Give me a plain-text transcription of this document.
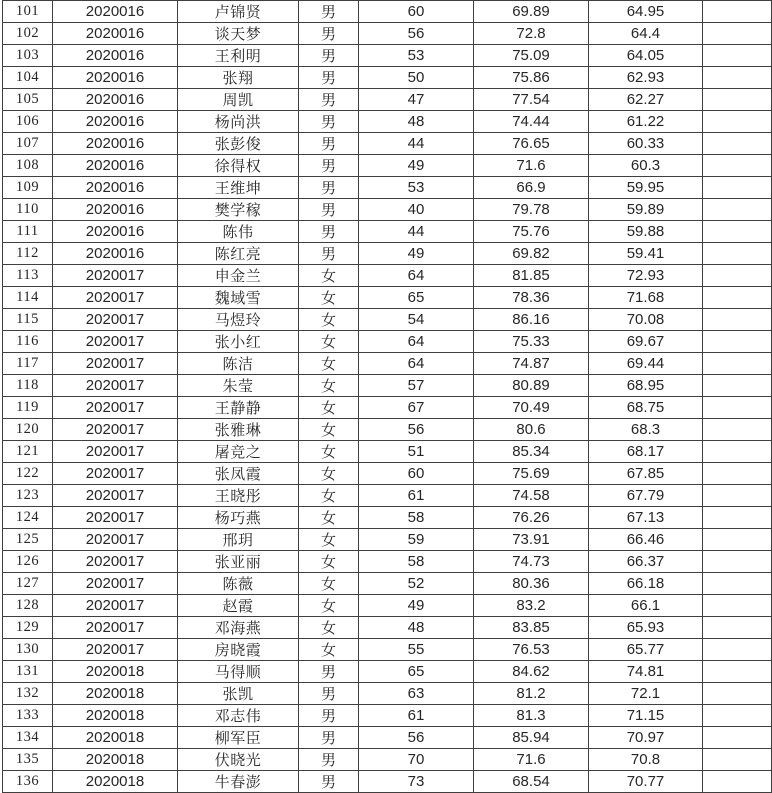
101	2020016	卢锦贤	男	60	69.89	64.95	
102	2020016	谈天梦	男	56	72.8	64.4	
103	2020016	王利明	男	53	75.09	64.05	
104	2020016	张翔	男	50	75.86	62.93	
105	2020016	周凯	男	47	77.54	62.27	
106	2020016	杨尚洪	男	48	74.44	61.22	
107	2020016	张彭俊	男	44	76.65	60.33	
108	2020016	徐得权	男	49	71.6	60.3	
109	2020016	王维坤	男	53	66.9	59.95	
110	2020016	樊学稼	男	40	79.78	59.89	
111	2020016	陈伟	男	44	75.76	59.88	
112	2020016	陈红亮	男	49	69.82	59.41	
113	2020017	申金兰	女	64	81.85	72.93	
114	2020017	魏域雪	女	65	78.36	71.68	
115	2020017	马煜玲	女	54	86.16	70.08	
116	2020017	张小红	女	64	75.33	69.67	
117	2020017	陈洁	女	64	74.87	69.44	
118	2020017	朱莹	女	57	80.89	68.95	
119	2020017	王静静	女	67	70.49	68.75	
120	2020017	张雅琳	女	56	80.6	68.3	
121	2020017	屠竞之	女	51	85.34	68.17	
122	2020017	张凤霞	女	60	75.69	67.85	
123	2020017	王晓彤	女	61	74.58	67.79	
124	2020017	杨巧燕	女	58	76.26	67.13	
125	2020017	邢玥	女	59	73.91	66.46	
126	2020017	张亚丽	女	58	74.73	66.37	
127	2020017	陈薇	女	52	80.36	66.18	
128	2020017	赵霞	女	49	83.2	66.1	
129	2020017	邓海燕	女	48	83.85	65.93	
130	2020017	房晓霞	女	55	76.53	65.77	
131	2020018	马得顺	男	65	84.62	74.81	
132	2020018	张凯	男	63	81.2	72.1	
133	2020018	邓志伟	男	61	81.3	71.15	
134	2020018	柳军臣	男	56	85.94	70.97	
135	2020018	伏晓光	男	70	71.6	70.8	
136	2020018	牛春澎	男	73	68.54	70.77	
